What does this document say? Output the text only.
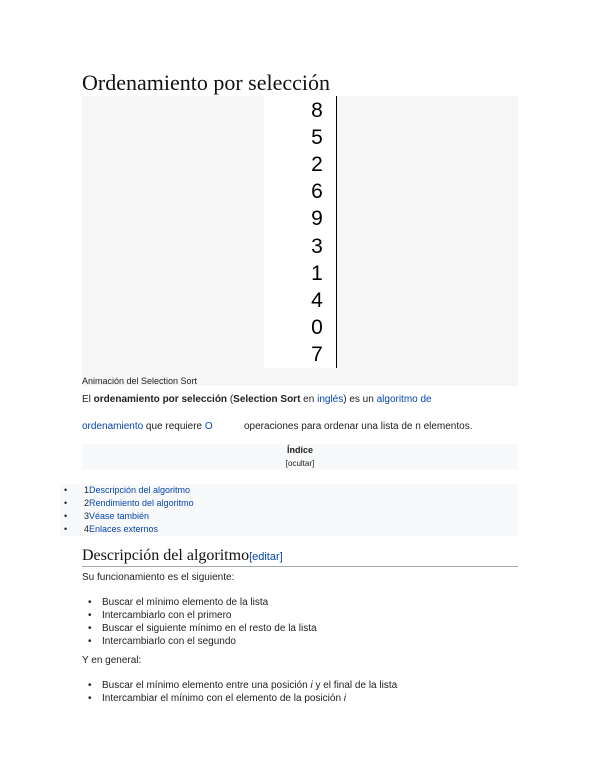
Ordenamiento por selección
8
5
2
6
9
3
1
4
0
7
Animación del Selection Sort
El ordenamiento por selección (Selection Sort en inglés) es un algoritmo de
ordenamiento que requiere O	operaciones para ordenar una lista de n elementos.
Índice
[ocultar]
• 1Descripción del algoritmo
• 2Rendimiento del algoritmo
• 3Véase también
• 4Enlaces externos
Descripción del algoritmo[editar]
Su funcionamiento es el siguiente:
• Buscar el mínimo elemento de la lista
• Intercambiarlo con el primero
• Buscar el siguiente mínimo en el resto de la lista
• Intercambiarlo con el segundo
Y en general:
• Buscar el mínimo elemento entre una posición i y el final de la lista
• Intercambiar el mínimo con el elemento de la posición i
